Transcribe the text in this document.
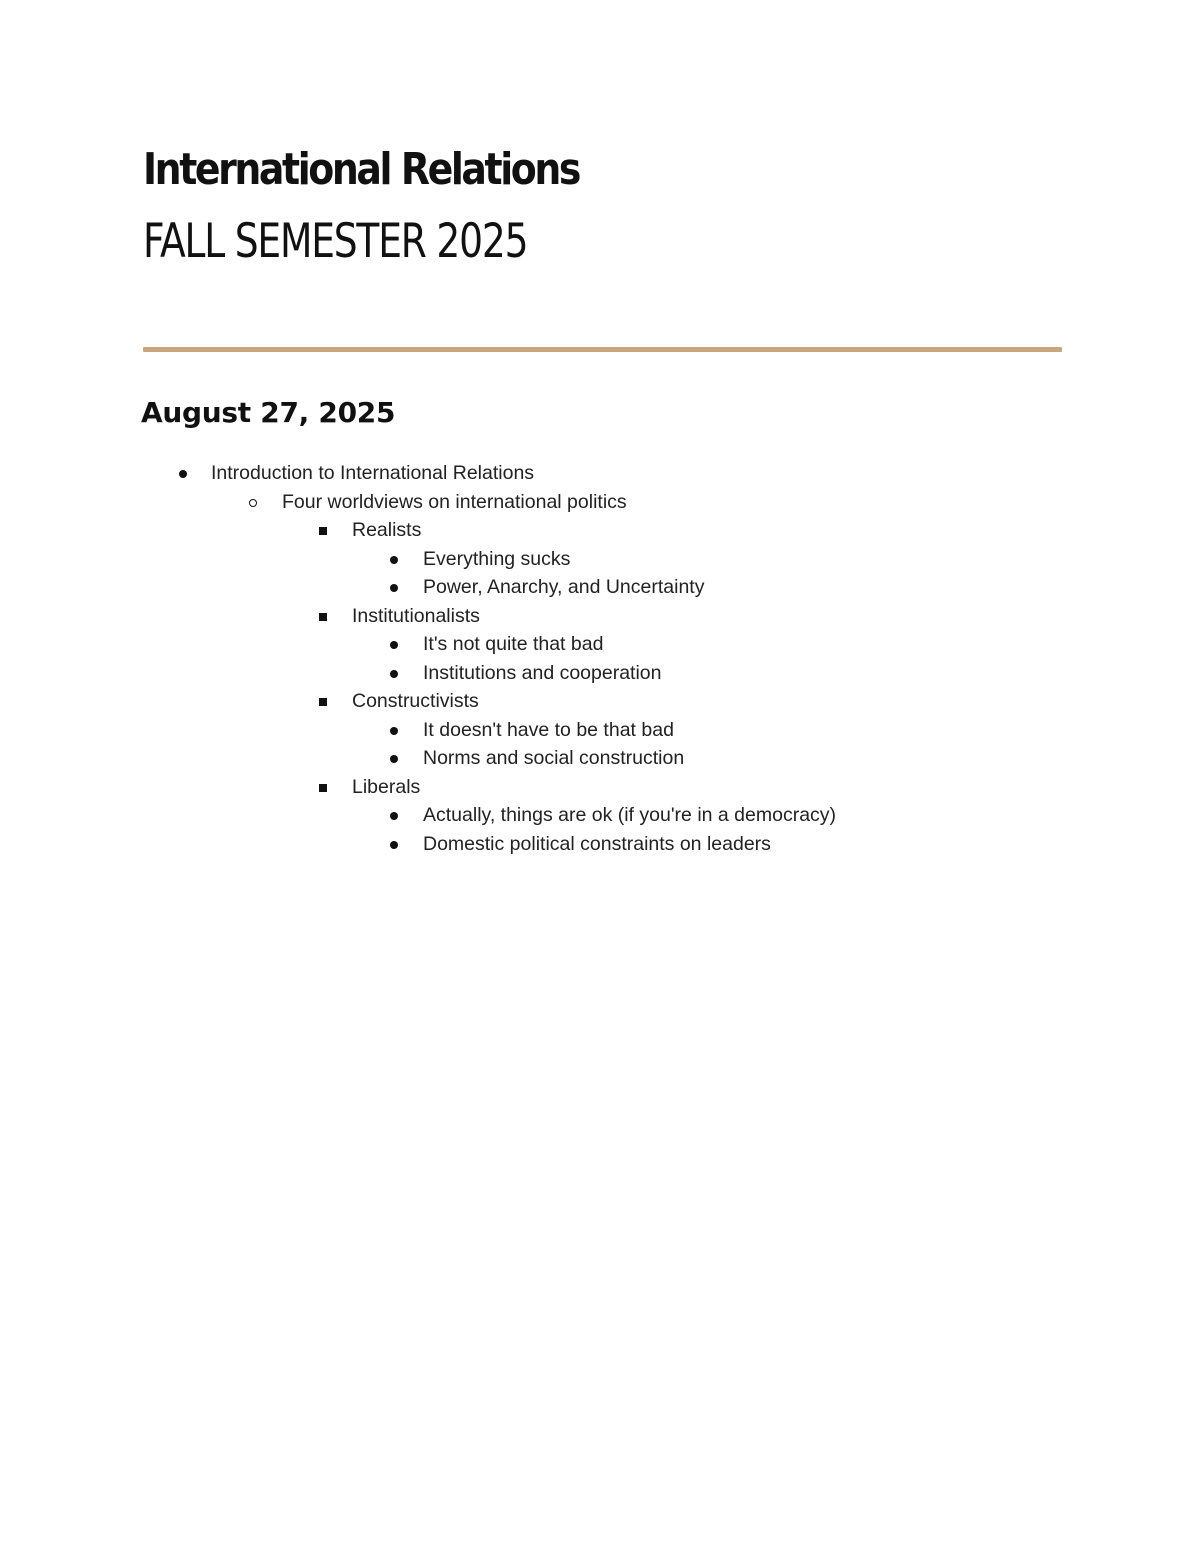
International Relations
FALL SEMESTER 2025
August 27, 2025
Introduction to International Relations
Four worldviews on international politics
Realists
Everything sucks
Power, Anarchy, and Uncertainty
Institutionalists
It's not quite that bad
Institutions and cooperation
Constructivists
It doesn't have to be that bad
Norms and social construction
Liberals
Actually, things are ok (if you're in a democracy)
Domestic political constraints on leaders
